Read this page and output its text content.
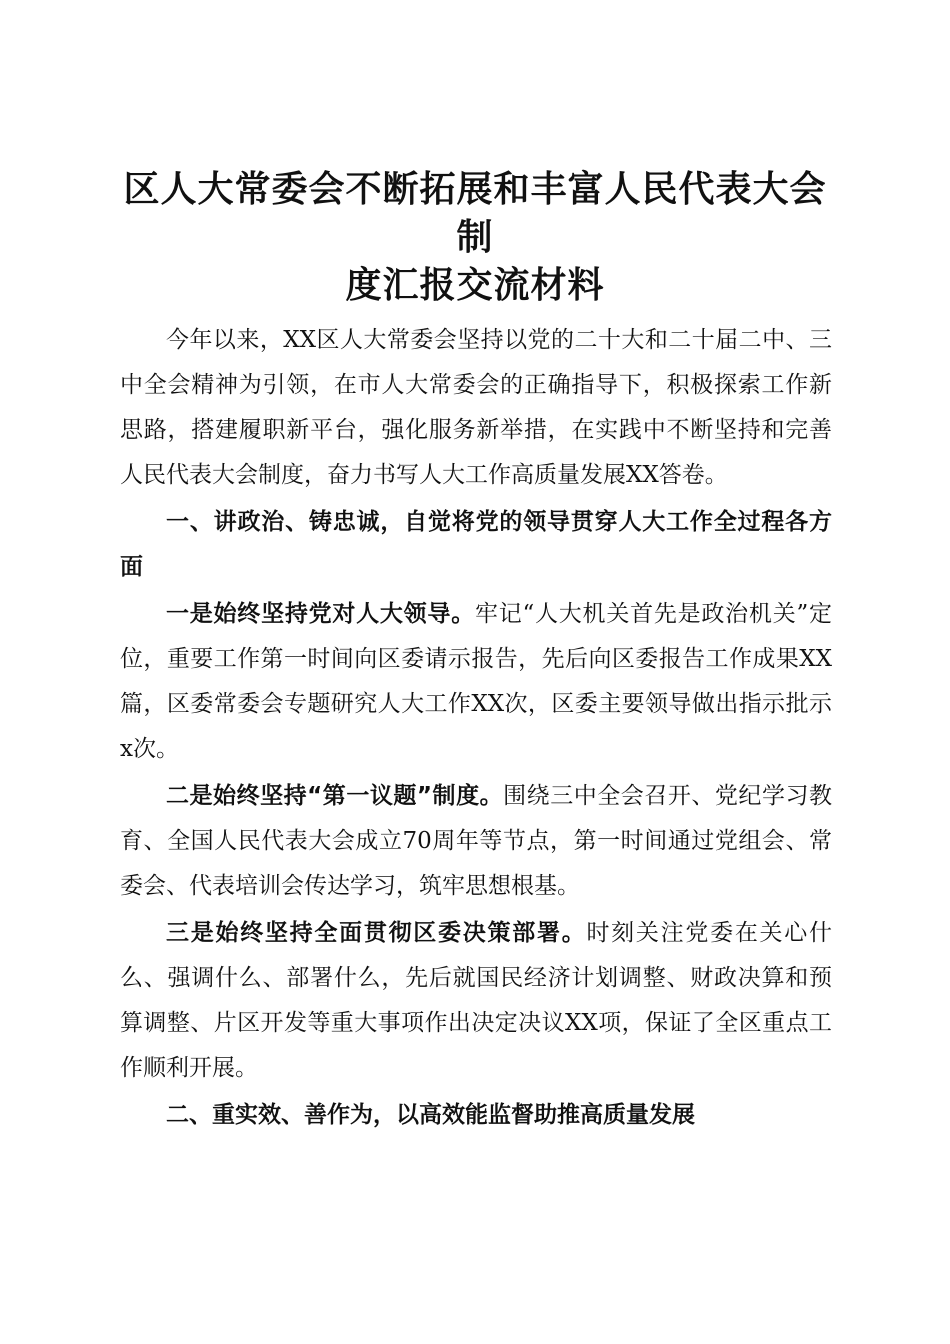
区人大常委会不断拓展和丰富人民代表大会制
度汇报交流材料

今年以来，XX区人大常委会坚持以党的二十大和二十届二中、三中全会精神为引领，在市人大常委会的正确指导下，积极探索工作新思路，搭建履职新平台，强化服务新举措，在实践中不断坚持和完善人民代表大会制度，奋力书写人大工作高质量发展XX答卷。

一、讲政治、铸忠诚，自觉将党的领导贯穿人大工作全过程各方面

一是始终坚持党对人大领导。牢记“人大机关首先是政治机关”定位，重要工作第一时间向区委请示报告，先后向区委报告工作成果XX篇，区委常委会专题研究人大工作XX次，区委主要领导做出指示批示x次。

二是始终坚持“第一议题”制度。围绕三中全会召开、党纪学习教育、全国人民代表大会成立70周年等节点，第一时间通过党组会、常委会、代表培训会传达学习，筑牢思想根基。

三是始终坚持全面贯彻区委决策部署。时刻关注党委在关心什么、强调什么、部署什么，先后就国民经济计划调整、财政决算和预算调整、片区开发等重大事项作出决定决议XX项，保证了全区重点工作顺利开展。

二、重实效、善作为，以高效能监督助推高质量发展
